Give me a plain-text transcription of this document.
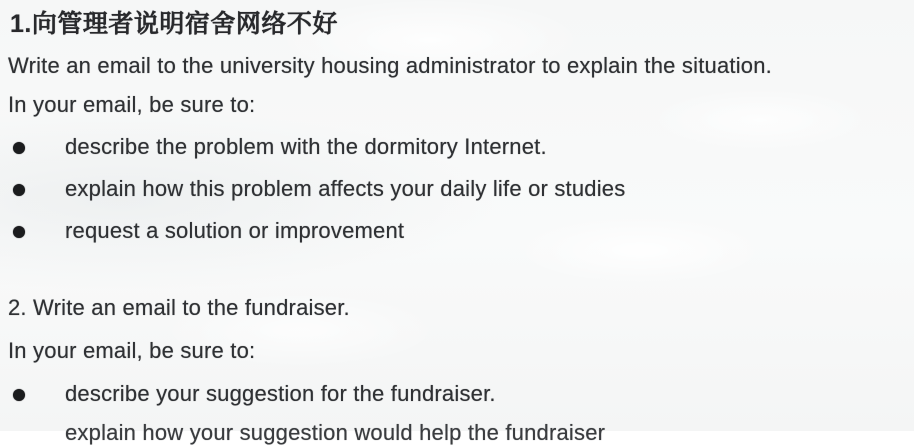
1.向管理者说明宿舍网络不好
Write an email to the university housing administrator to explain the situation.
In your email, be sure to:
describe the problem with the dormitory Internet.
explain how this problem affects your daily life or studies
request a solution or improvement
2. Write an email to the fundraiser.
In your email, be sure to:
describe your suggestion for the fundraiser.
explain how your suggestion would help the fundraiser
